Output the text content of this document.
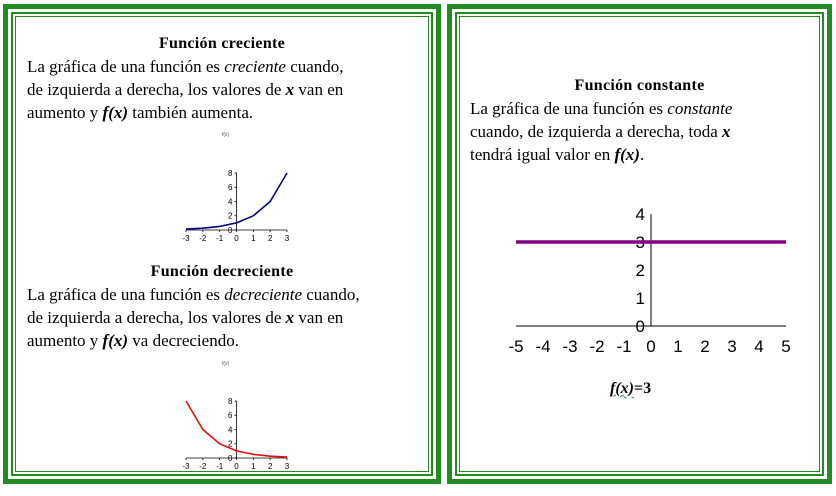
Función creciente
La gráfica de una función es creciente cuando,
de izquierda a derecha, los valores de x van en
aumento y f(x) también aumenta.
f(x)
-3 -2 -1 0 1 2 3
0
2
4
6
8
Función decreciente
La gráfica de una función es decreciente cuando,
de izquierda a derecha, los valores de x van en
aumento y f(x) va decreciendo.
f(x)
-3 -2 -1 0 1 2 3
0
2
4
6
8
Función constante
La gráfica de una función es constante
cuando, de izquierda a derecha, toda x
tendrá igual valor en f(x).
-5 -4 -3 -2 -1 0 1 2 3 4 5
0
1
2
3
4
f(x)=3
